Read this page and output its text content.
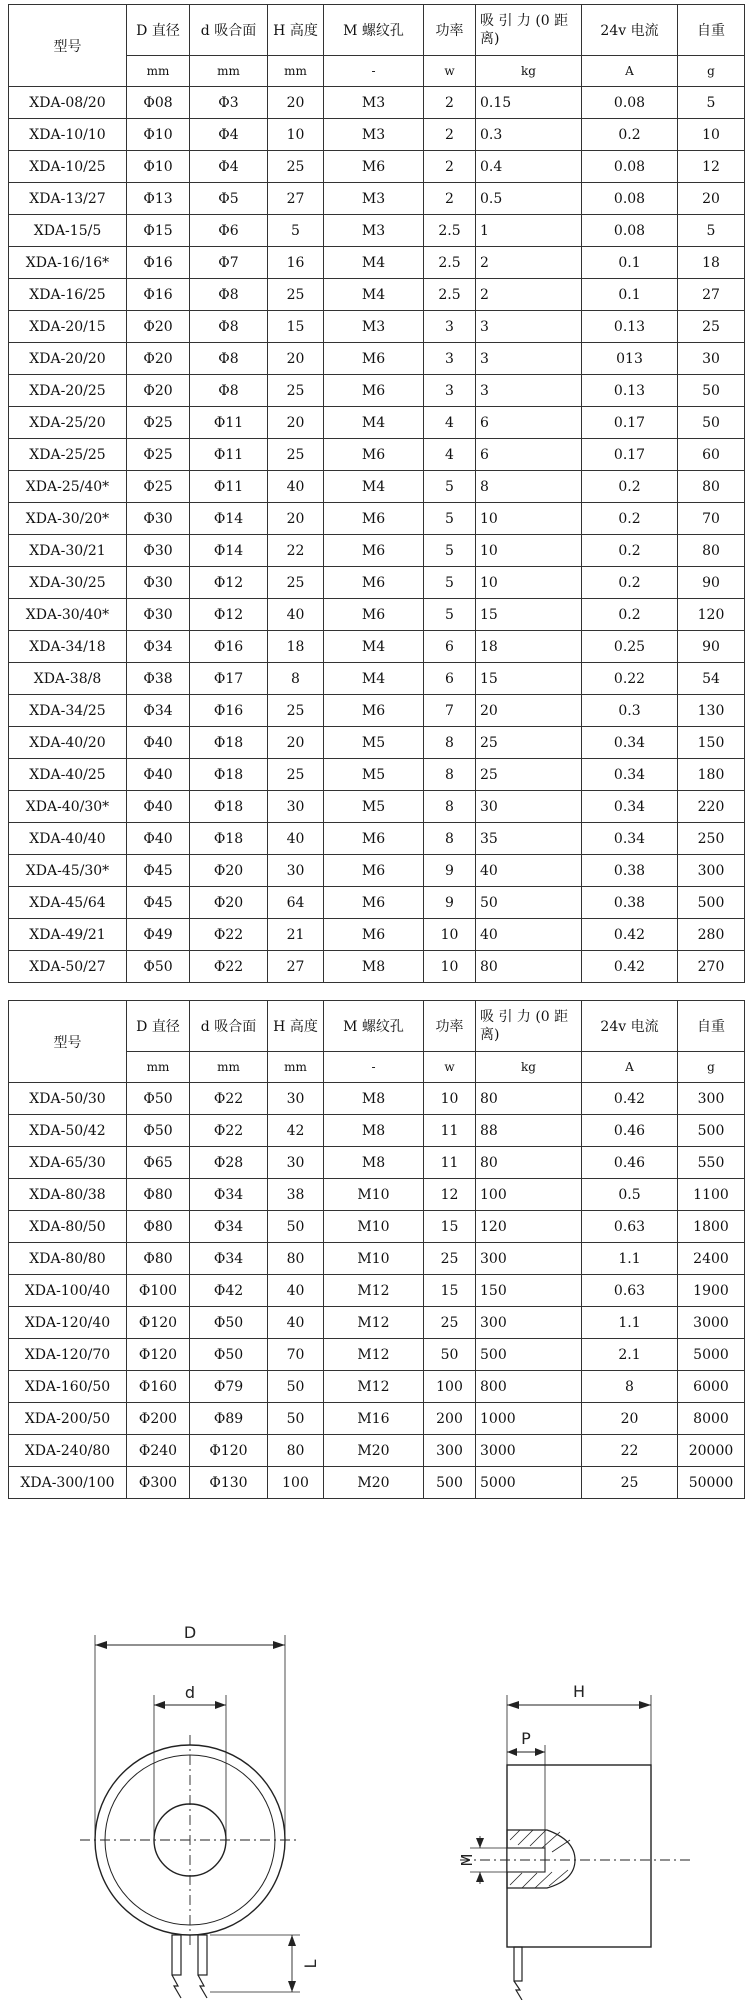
型号	D 直径	d 吸合面	H 高度	M 螺纹孔	功率	吸 引 力 (0 距离)	24v 电流	自重
	mm	mm	mm	-	w	kg	A	g
XDA-08/20	Φ08	Φ3	20	M3	2	0.15	0.08	5
XDA-10/10	Φ10	Φ4	10	M3	2	0.3	0.2	10
XDA-10/25	Φ10	Φ4	25	M6	2	0.4	0.08	12
XDA-13/27	Φ13	Φ5	27	M3	2	0.5	0.08	20
XDA-15/5	Φ15	Φ6	5	M3	2.5	1	0.08	5
XDA-16/16*	Φ16	Φ7	16	M4	2.5	2	0.1	18
XDA-16/25	Φ16	Φ8	25	M4	2.5	2	0.1	27
XDA-20/15	Φ20	Φ8	15	M3	3	3	0.13	25
XDA-20/20	Φ20	Φ8	20	M6	3	3	013	30
XDA-20/25	Φ20	Φ8	25	M6	3	3	0.13	50
XDA-25/20	Φ25	Φ11	20	M4	4	6	0.17	50
XDA-25/25	Φ25	Φ11	25	M6	4	6	0.17	60
XDA-25/40*	Φ25	Φ11	40	M4	5	8	0.2	80
XDA-30/20*	Φ30	Φ14	20	M6	5	10	0.2	70
XDA-30/21	Φ30	Φ14	22	M6	5	10	0.2	80
XDA-30/25	Φ30	Φ12	25	M6	5	10	0.2	90
XDA-30/40*	Φ30	Φ12	40	M6	5	15	0.2	120
XDA-34/18	Φ34	Φ16	18	M4	6	18	0.25	90
XDA-38/8	Φ38	Φ17	8	M4	6	15	0.22	54
XDA-34/25	Φ34	Φ16	25	M6	7	20	0.3	130
XDA-40/20	Φ40	Φ18	20	M5	8	25	0.34	150
XDA-40/25	Φ40	Φ18	25	M5	8	25	0.34	180
XDA-40/30*	Φ40	Φ18	30	M5	8	30	0.34	220
XDA-40/40	Φ40	Φ18	40	M6	8	35	0.34	250
XDA-45/30*	Φ45	Φ20	30	M6	9	40	0.38	300
XDA-45/64	Φ45	Φ20	64	M6	9	50	0.38	500
XDA-49/21	Φ49	Φ22	21	M6	10	40	0.42	280
XDA-50/27	Φ50	Φ22	27	M8	10	80	0.42	270
型号	D 直径	d 吸合面	H 高度	M 螺纹孔	功率	吸 引 力 (0 距离)	24v 电流	自重
	mm	mm	mm	-	w	kg	A	g
XDA-50/30	Φ50	Φ22	30	M8	10	80	0.42	300
XDA-50/42	Φ50	Φ22	42	M8	11	88	0.46	500
XDA-65/30	Φ65	Φ28	30	M8	11	80	0.46	550
XDA-80/38	Φ80	Φ34	38	M10	12	100	0.5	1100
XDA-80/50	Φ80	Φ34	50	M10	15	120	0.63	1800
XDA-80/80	Φ80	Φ34	80	M10	25	300	1.1	2400
XDA-100/40	Φ100	Φ42	40	M12	15	150	0.63	1900
XDA-120/40	Φ120	Φ50	40	M12	25	300	1.1	3000
XDA-120/70	Φ120	Φ50	70	M12	50	500	2.1	5000
XDA-160/50	Φ160	Φ79	50	M12	100	800	8	6000
XDA-200/50	Φ200	Φ89	50	M16	200	1000	20	8000
XDA-240/80	Φ240	Φ120	80	M20	300	3000	22	20000
XDA-300/100	Φ300	Φ130	100	M20	500	5000	25	50000
D
d
L
H
P
M
